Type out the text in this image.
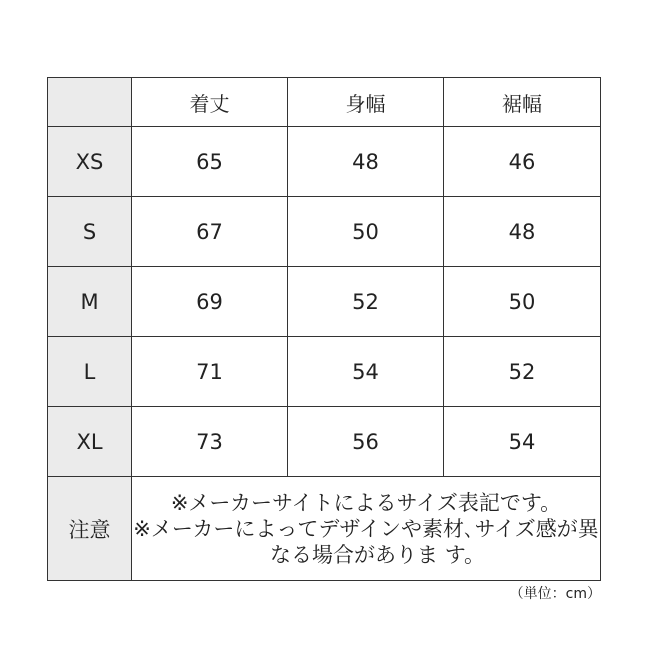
	着丈	身幅	裾幅
XS	65	48	46
S	67	50	48
M	69	52	50
L	71	54	52
XL	73	56	54
注意	※メーカーサイトによるサイズ表記です。
※メーカーによってデザインや素材､サイズ感が異なる場合がありま す。		
（単位：cm）
